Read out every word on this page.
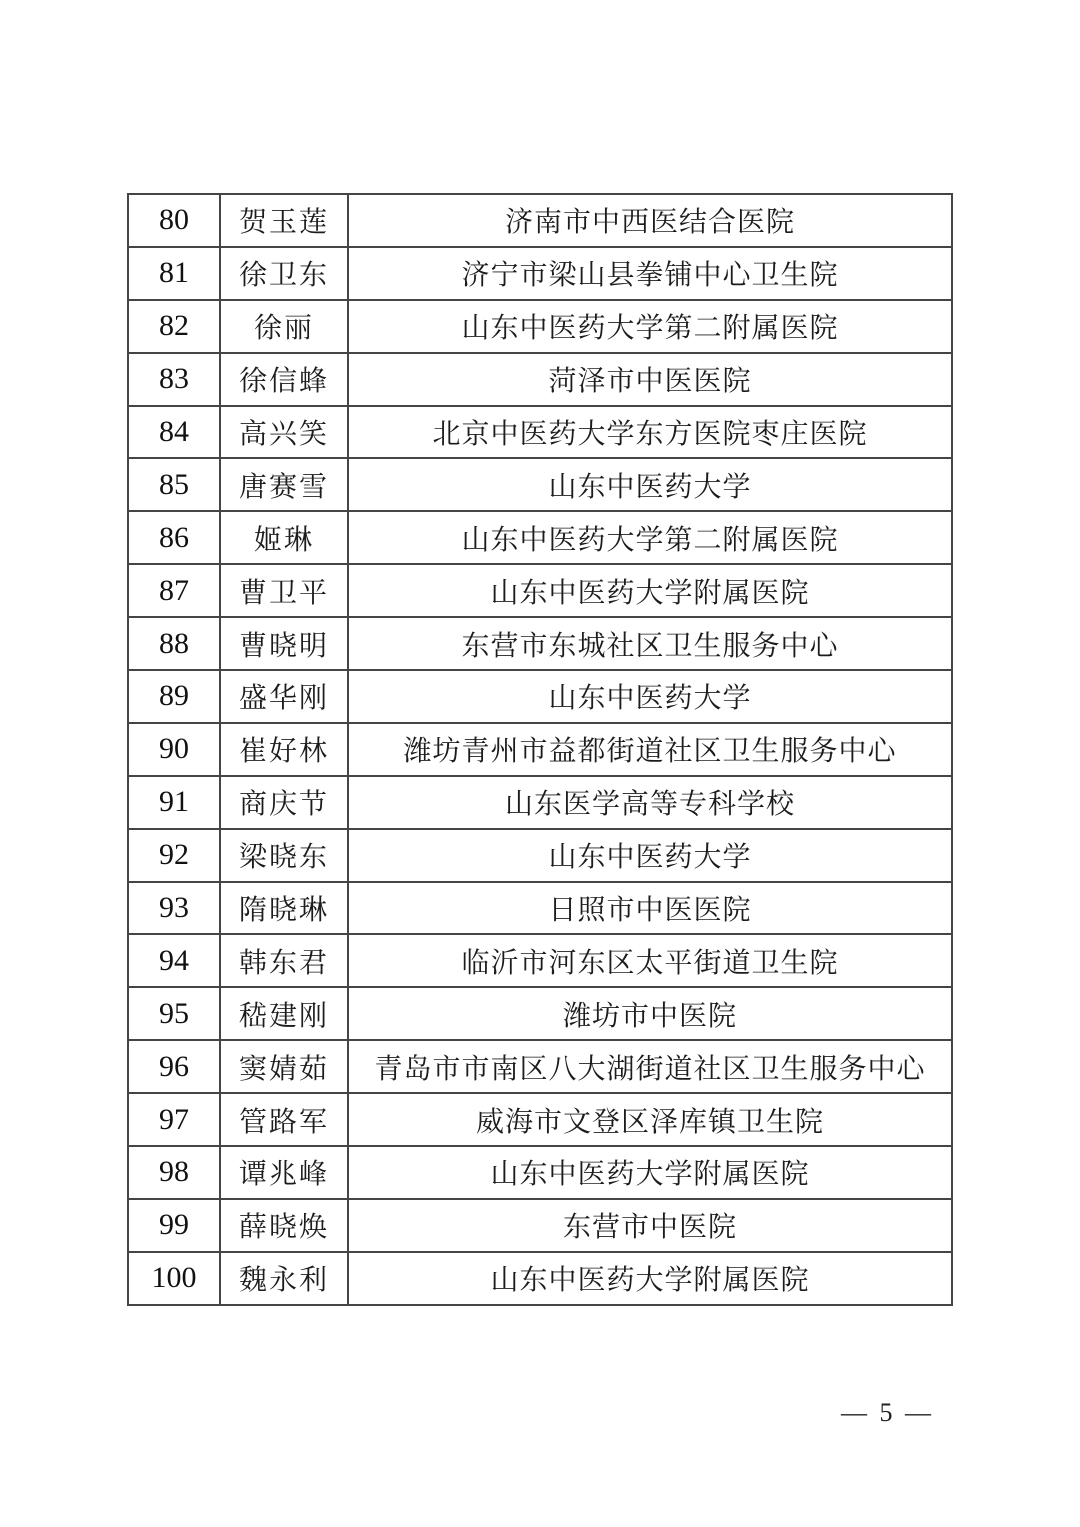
80	贺玉莲	济南市中西医结合医院
81	徐卫东	济宁市梁山县拳铺中心卫生院
82	徐丽	山东中医药大学第二附属医院
83	徐信蜂	菏泽市中医医院
84	高兴笑	北京中医药大学东方医院枣庄医院
85	唐赛雪	山东中医药大学
86	姬琳	山东中医药大学第二附属医院
87	曹卫平	山东中医药大学附属医院
88	曹晓明	东营市东城社区卫生服务中心
89	盛华刚	山东中医药大学
90	崔好林	潍坊青州市益都街道社区卫生服务中心
91	商庆节	山东医学高等专科学校
92	梁晓东	山东中医药大学
93	隋晓琳	日照市中医医院
94	韩东君	临沂市河东区太平街道卫生院
95	嵇建刚	潍坊市中医院
96	窦婧茹	青岛市市南区八大湖街道社区卫生服务中心
97	管路军	威海市文登区泽库镇卫生院
98	谭兆峰	山东中医药大学附属医院
99	薛晓焕	东营市中医院
100	魏永利	山东中医药大学附属医院
— 5 —
